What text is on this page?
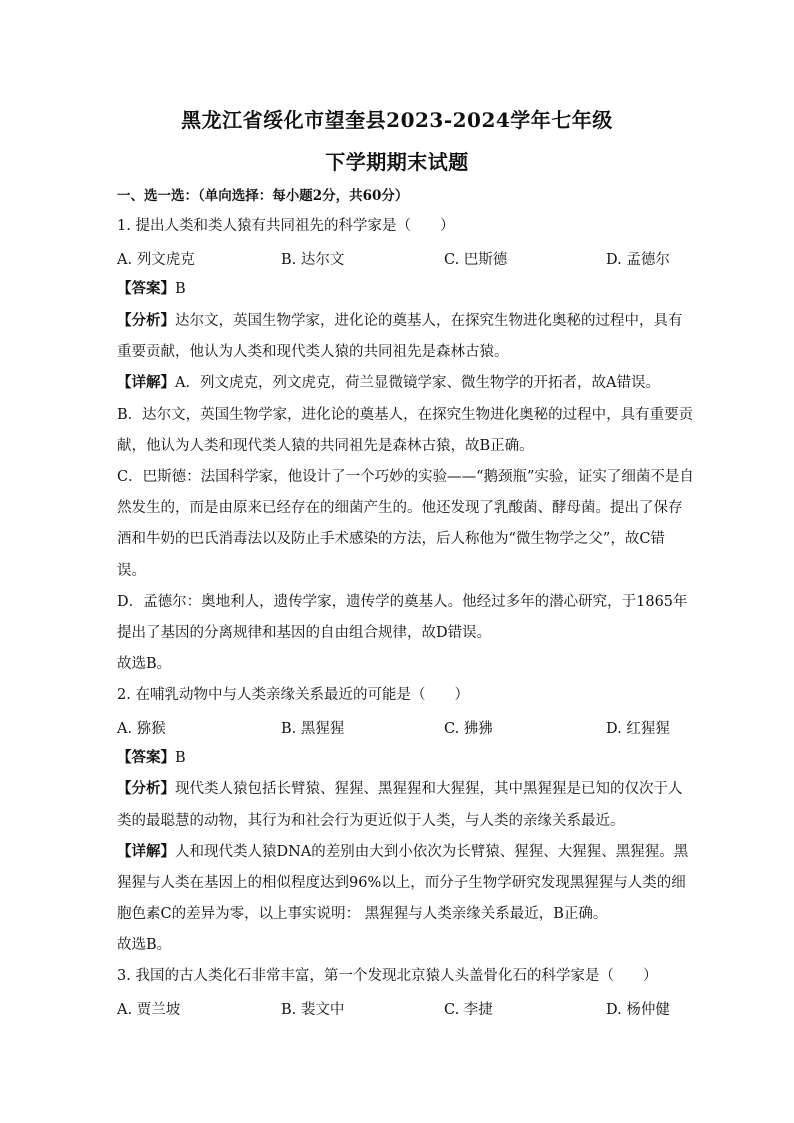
黑龙江省绥化市望奎县2023-2024学年七年级
下学期期末试题
一、选一选：（单向选择：每小题2分，共60分）
1. 提出人类和类人猿有共同祖先的科学家是（　　）
A. 列文虎克	B. 达尔文	C. 巴斯德	D. 孟德尔
【答案】B
【分析】达尔文，英国生物学家，进化论的奠基人，在探究生物进化奥秘的过程中，具有
重要贡献，他认为人类和现代类人猿的共同祖先是森林古猿。
【详解】A．列文虎克，列文虎克，荷兰显微镜学家、微生物学的开拓者，故A错误。
B．达尔文，英国生物学家，进化论的奠基人，在探究生物进化奥秘的过程中，具有重要贡
献，他认为人类和现代类人猿的共同祖先是森林古猿，故B正确。
C．巴斯德：法国科学家，他设计了一个巧妙的实验——“鹅颈瓶”实验，证实了细菌不是自
然发生的，而是由原来已经存在的细菌产生的。他还发现了乳酸菌、酵母菌。提出了保存
酒和牛奶的巴氏消毒法以及防止手术感染的方法，后人称他为“微生物学之父”，故C错
误。
D．孟德尔：奥地利人，遗传学家，遗传学的奠基人。他经过多年的潜心研究，于1865年
提出了基因的分离规律和基因的自由组合规律，故D错误。
故选B。
2. 在哺乳动物中与人类亲缘关系最近的可能是（　　）
A. 猕猴	B. 黑猩猩	C. 狒狒	D. 红猩猩
【答案】B
【分析】现代类人猿包括长臂猿、猩猩、黑猩猩和大猩猩，其中黑猩猩是已知的仅次于人
类的最聪慧的动物，其行为和社会行为更近似于人类，与人类的亲缘关系最近。
【详解】人和现代类人猿DNA的差别由大到小依次为长臂猿、猩猩、大猩猩、黑猩猩。黑
猩猩与人类在基因上的相似程度达到96%以上，而分子生物学研究发现黑猩猩与人类的细
胞色素C的差异为零，以上事实说明： 黑猩猩与人类亲缘关系最近，B正确。
故选B。
3. 我国的古人类化石非常丰富，第一个发现北京猿人头盖骨化石的科学家是（　　）
A. 贾兰坡	B. 裴文中	C. 李捷	D. 杨仲健
